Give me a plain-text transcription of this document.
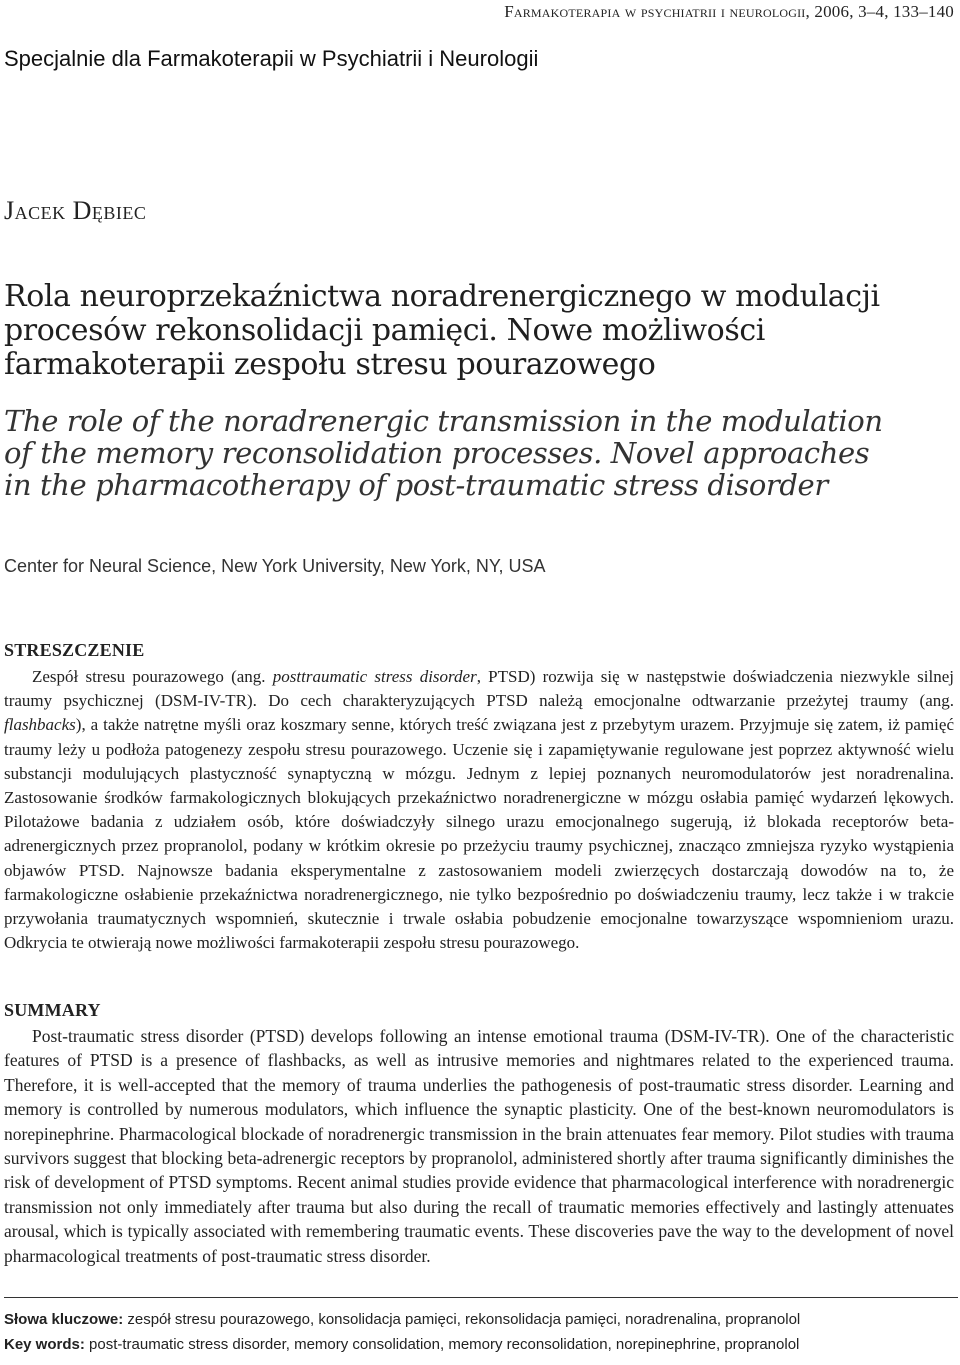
Farmakoterapia w psychiatrii i neurologii, 2006, 3–4, 133–140
Specjalnie dla Farmakoterapii w Psychiatrii i Neurologii
Jacek Dębiec
Rola neuroprzekaźnictwa noradrenergicznego w modulacji
procesów rekonsolidacji pamięci. Nowe możliwości
farmakoterapii zespołu stresu pourazowego
The role of the noradrenergic transmission in the modulation
of the memory reconsolidation processes. Novel approaches
in the pharmacotherapy of post-traumatic stress disorder
Center for Neural Science, New York University, New York, NY, USA
STRESZCZENIE

Zespół stresu pourazowego (ang. posttraumatic stress disorder, PTSD) rozwija się w następstwie doświadczenia niezwykle silnej traumy psychicznej (DSM-IV-TR). Do cech charakteryzujących PTSD należą emocjonalne odtwarzanie przeżytej traumy (ang. flashbacks), a także natrętne myśli oraz koszmary senne, których treść związana jest z przebytym urazem. Przyjmuje się zatem, iż pamięć traumy leży u podłoża patogenezy zespołu stresu pourazowego. Uczenie się i zapamiętywanie regulowane jest poprzez aktywność wielu substancji modulujących plastyczność synaptyczną w mózgu. Jednym z lepiej poznanych neuromodulatorów jest noradrenalina. Zastosowanie środków farmakologicznych blokujących przekaźnictwo noradrenergiczne w mózgu osłabia pamięć wydarzeń lękowych. Pilotażowe badania z udziałem osób, które doświadczyły silnego urazu emocjonalnego sugerują, iż blokada receptorów beta-adrenergicznych przez propranolol, podany w krótkim okresie po przeżyciu traumy psychicznej, znacząco zmniejsza ryzyko wystąpienia objawów PTSD. Najnowsze badania eksperymentalne z zastosowaniem modeli zwierzęcych dostarczają dowodów na to, że farmakologiczne osłabienie przekaźnictwa noradrenergicznego, nie tylko bezpośrednio po doświadczeniu traumy, lecz także i w trakcie przywołania traumatycznych wspomnień, skutecznie i trwale osłabia pobudzenie emocjonalne towarzyszące wspomnieniom urazu. Odkrycia te otwierają nowe możliwości farmakoterapii zespołu stresu pourazowego.

SUMMARY

Post-traumatic stress disorder (PTSD) develops following an intense emotional trauma (DSM-IV-TR). One of the characteristic features of PTSD is a presence of flashbacks, as well as intrusive memories and nightmares related to the experienced trauma. Therefore, it is well-accepted that the memory of trauma underlies the pathogenesis of post-traumatic stress disorder. Learning and memory is controlled by numerous modulators, which influence the synaptic plasticity. One of the best-known neuromodulators is norepinephrine. Pharmacological blockade of noradrenergic transmission in the brain attenuates fear memory. Pilot studies with trauma survivors suggest that blocking beta-adrenergic receptors by propranolol, administered shortly after trauma significantly diminishes the risk of development of PTSD symptoms. Recent animal studies provide evidence that pharmacological interference with noradrenergic transmission not only immediately after trauma but also during the recall of traumatic memories effectively and lastingly attenuates arousal, which is typically associated with remembering traumatic events. These discoveries pave the way to the development of novel pharmacological treatments of post-traumatic stress disorder.

Słowa kluczowe: zespół stresu pourazowego, konsolidacja pamięci, rekonsolidacja pamięci, noradrenalina, propranolol
Key words: post-traumatic stress disorder, memory consolidation, memory reconsolidation, norepinephrine, propranolol
